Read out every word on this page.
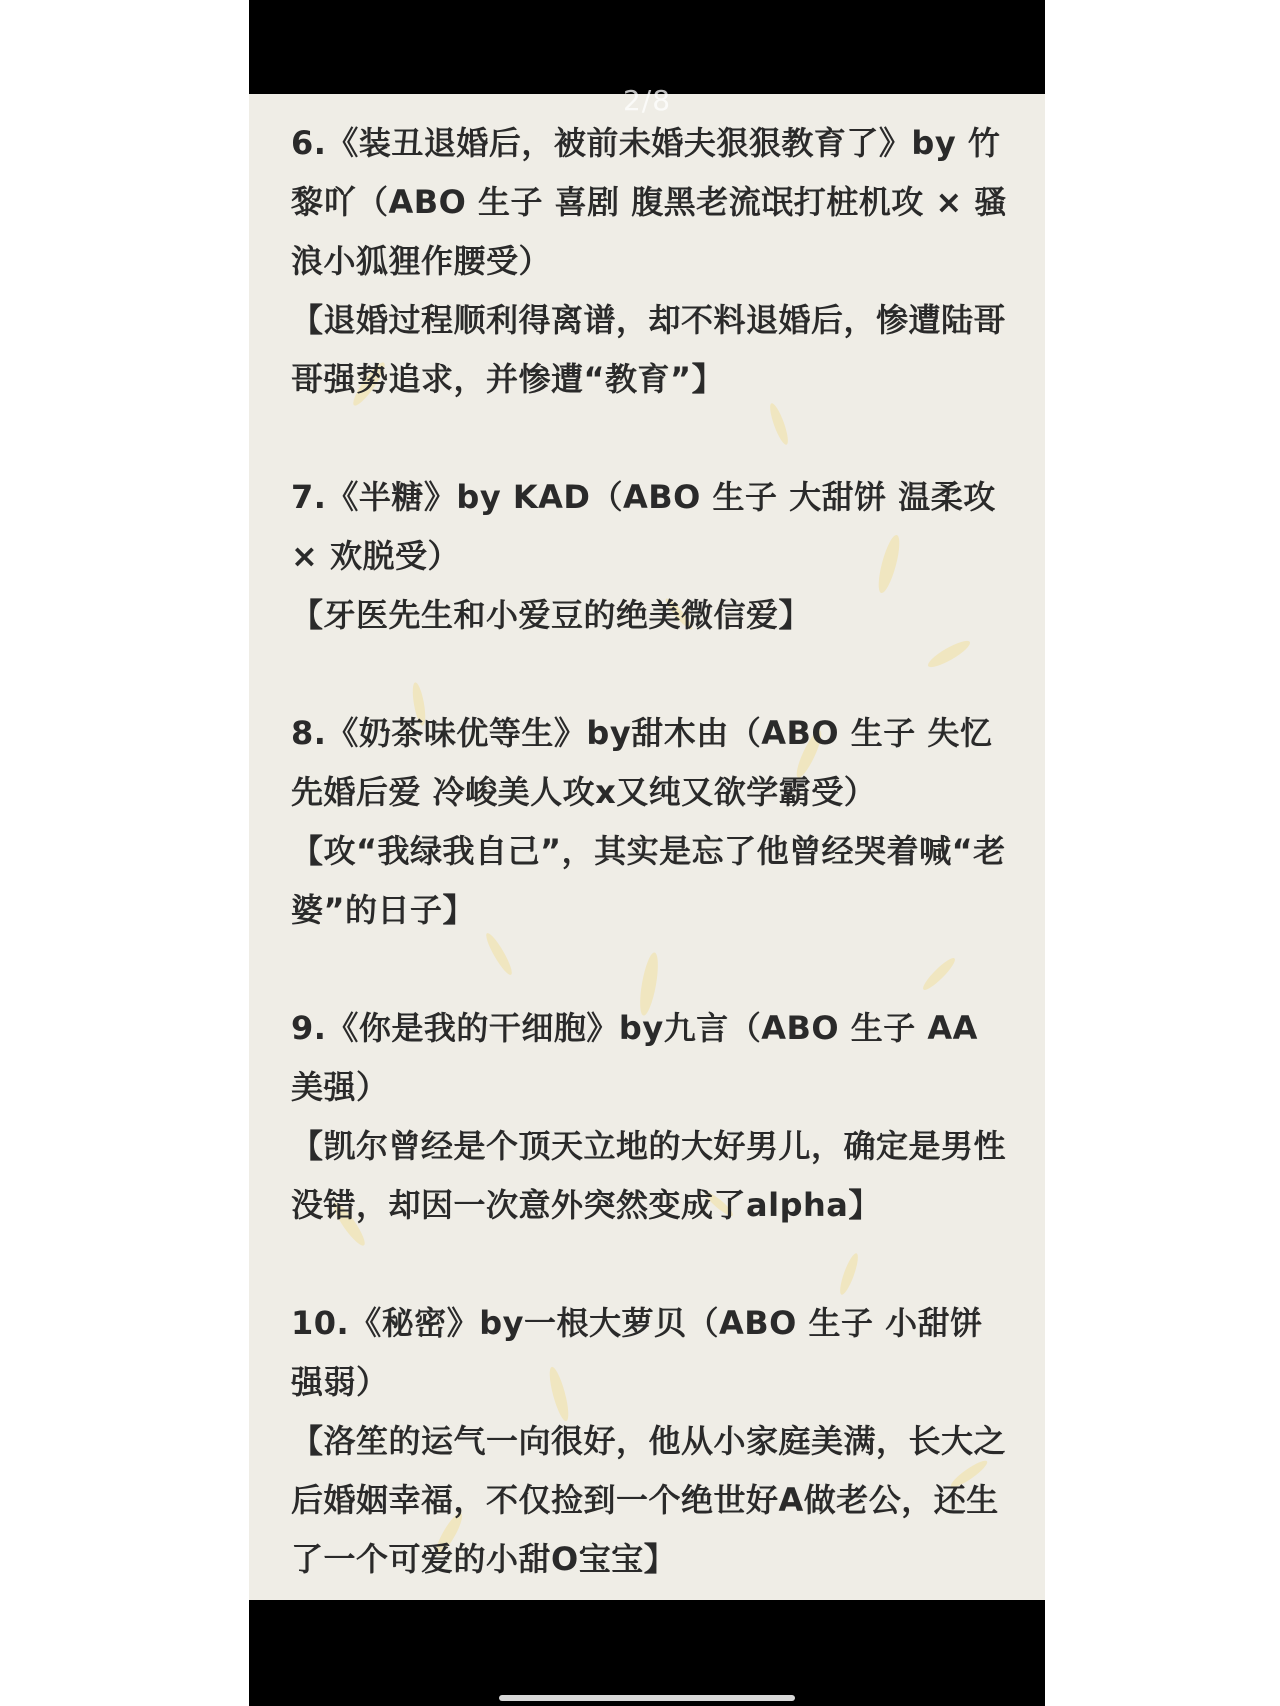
2/8

6.《装丑退婚后，被前未婚夫狠狠教育了》by 竹黎吖（ABO 生子 喜剧 腹黑老流氓打桩机攻 × 骚浪小狐狸作腰受）

【退婚过程顺利得离谱，却不料退婚后，惨遭陆哥哥强势追求，并惨遭“教育”】

7.《半糖》by KAD（ABO 生子 大甜饼 温柔攻 × 欢脱受）

【牙医先生和小爱豆的绝美微信爱】

8.《奶茶味优等生》by甜木由（ABO 生子 失忆 先婚后爱 冷峻美人攻x又纯又欲学霸受）

【攻“我绿我自己”，其实是忘了他曾经哭着喊“老婆”的日子】

9.《你是我的干细胞》by九言（ABO 生子 AA 美强）

【凯尔曾经是个顶天立地的大好男儿，确定是男性没错，却因一次意外突然变成了alpha】

10.《秘密》by一根大萝贝（ABO 生子 小甜饼 强弱）

【洛笙的运气一向很好，他从小家庭美满，长大之后婚姻幸福，不仅捡到一个绝世好A做老公，还生了一个可爱的小甜O宝宝】
